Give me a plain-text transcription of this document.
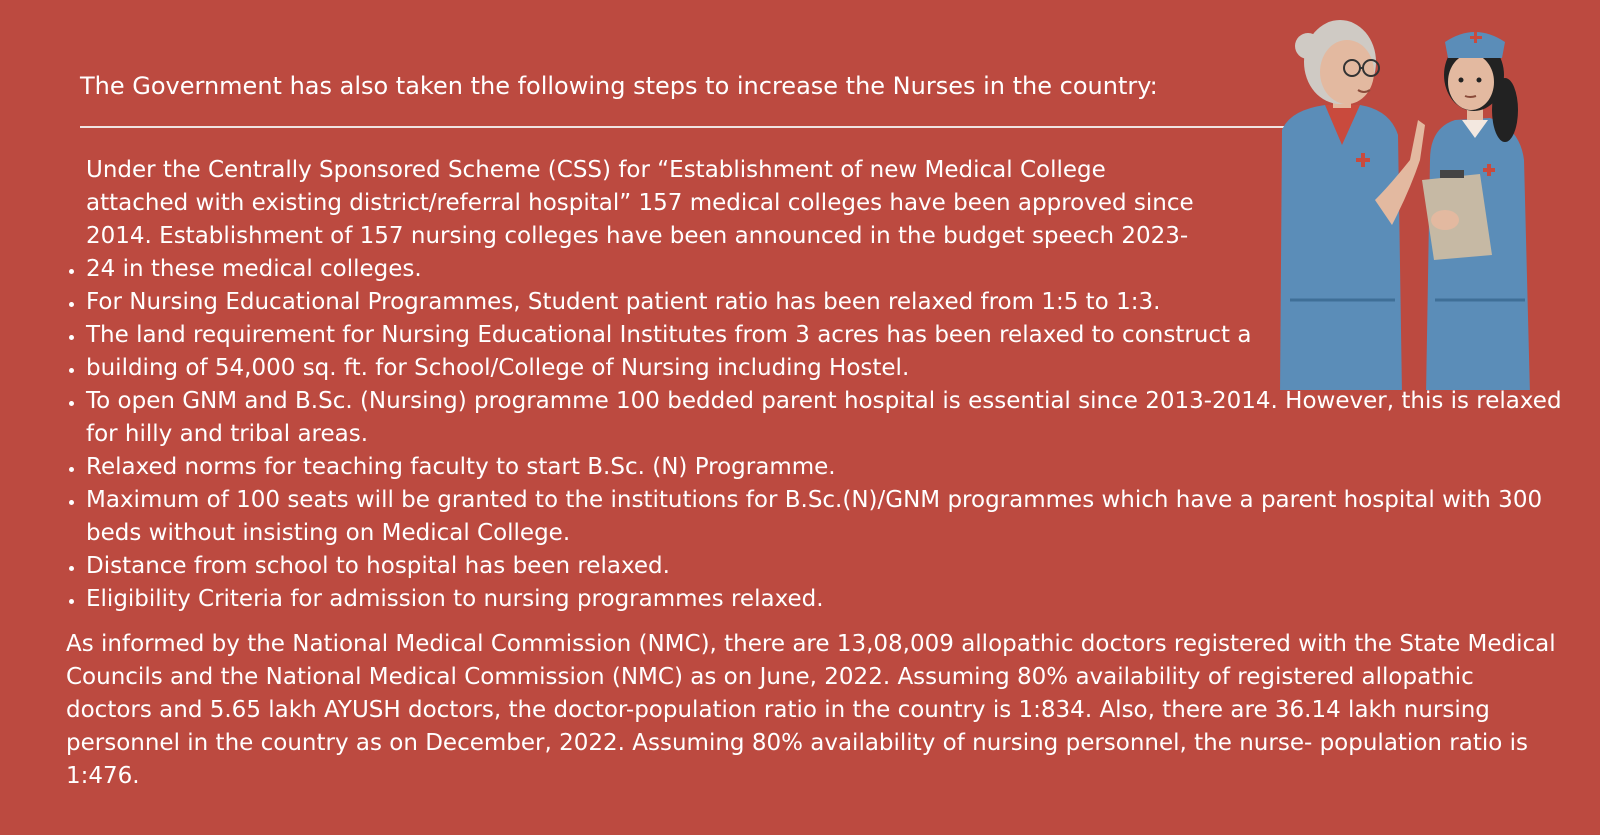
The Government has also taken the following steps to increase the Nurses in the country:
• Under the Centrally Sponsored Scheme (CSS) for “Establishment of new Medical College attached with existing district/referral hospital” 157 medical colleges have been approved since 2014. Establishment of 157 nursing colleges have been announced in the budget speech 2023-24 in these medical colleges.
• For Nursing Educational Programmes, Student patient ratio has been relaxed from 1:5 to 1:3.
• The land requirement for Nursing Educational Institutes from 3 acres has been relaxed to construct a
• building of 54,000 sq. ft. for School/College of Nursing including Hostel.
• To open GNM and B.Sc. (Nursing) programme 100 bedded parent hospital is essential since 2013-2014. However, this is relaxed for hilly and tribal areas.
• Relaxed norms for teaching faculty to start B.Sc. (N) Programme.
• Maximum of 100 seats will be granted to the institutions for B.Sc.(N)/GNM programmes which have a parent hospital with 300 beds without insisting on Medical College.
• Distance from school to hospital has been relaxed.
• Eligibility Criteria for admission to nursing programmes relaxed.

As informed by the National Medical Commission (NMC), there are 13,08,009 allopathic doctors registered with the State Medical Councils and the National Medical Commission (NMC) as on June, 2022. Assuming 80% availability of registered allopathic doctors and 5.65 lakh AYUSH doctors, the doctor-population ratio in the country is 1:834. Also, there are 36.14 lakh nursing personnel in the country as on December, 2022. Assuming 80% availability of nursing personnel, the nurse- population ratio is 1:476.
